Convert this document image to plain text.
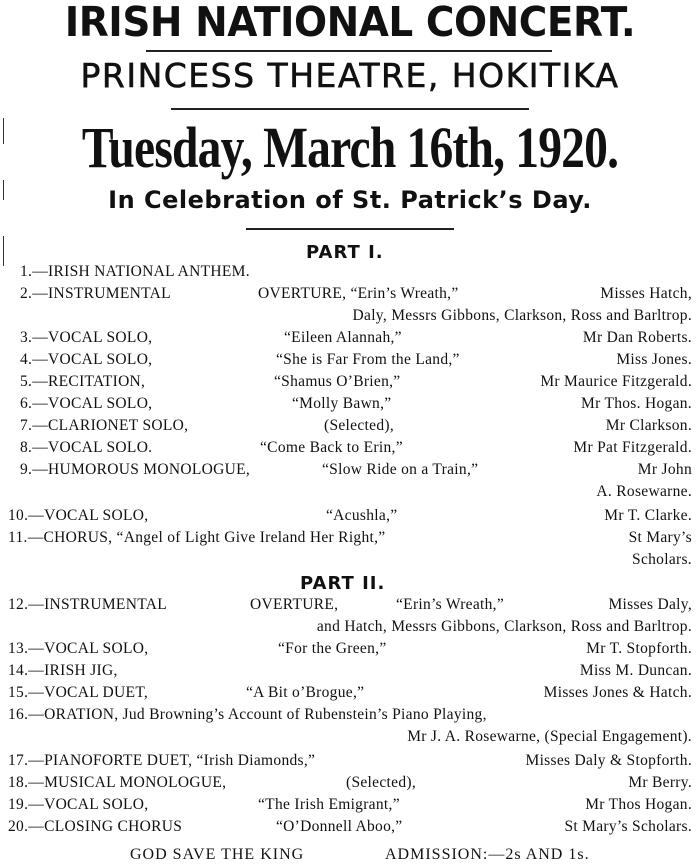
IRISH NATIONAL CONCERT.
PRINCESS THEATRE, HOKITIKA
Tuesday, March 16th, 1920.
In Celebration of St. Patrick’s Day.
PART I.
1.—IRISH NATIONAL ANTHEM.
2.—INSTRUMENTAL	OVERTURE, “Erin’s Wreath,”	Misses Hatch,
Daly, Messrs Gibbons, Clarkson, Ross and Barltrop.
3.—VOCAL SOLO,	“Eileen Alannah,”	Mr Dan Roberts.
4.—VOCAL SOLO,	“She is Far From the Land,”	Miss Jones.
5.—RECITATION,	“Shamus O’Brien,”	Mr Maurice Fitzgerald.
6.—VOCAL SOLO,	“Molly Bawn,”	Mr Thos. Hogan.
7.—CLARIONET SOLO,	(Selected),	Mr Clarkson.
8.—VOCAL SOLO.	“Come Back to Erin,”	Mr Pat Fitzgerald.
9.—HUMOROUS MONOLOGUE,	“Slow Ride on a Train,”	Mr John
A. Rosewarne.
10.—VOCAL SOLO,	“Acushla,”	Mr T. Clarke.
11.—CHORUS, “Angel of Light Give Ireland Her Right,”	St Mary’s
Scholars.
PART II.
12.—INSTRUMENTAL	OVERTURE,	“Erin’s Wreath,”	Misses Daly,
and Hatch, Messrs Gibbons, Clarkson, Ross and Barltrop.
13.—VOCAL SOLO,	“For the Green,”	Mr T. Stopforth.
14.—IRISH JIG,	Miss M. Duncan.
15.—VOCAL DUET,	“A Bit o’Brogue,”	Misses Jones & Hatch.
16.—ORATION, Jud Browning’s Account of Rubenstein’s Piano Playing,
Mr J. A. Rosewarne, (Special Engagement).
17.—PIANOFORTE DUET, “Irish Diamonds,”	Misses Daly & Stopforth.
18.—MUSICAL MONOLOGUE,	(Selected),	Mr Berry.
19.—VOCAL SOLO,	“The Irish Emigrant,”	Mr Thos Hogan.
20.—CLOSING CHORUS	“O’Donnell Aboo,”	St Mary’s Scholars.
GOD SAVE THE KING	ADMISSION:—2s AND 1s.
